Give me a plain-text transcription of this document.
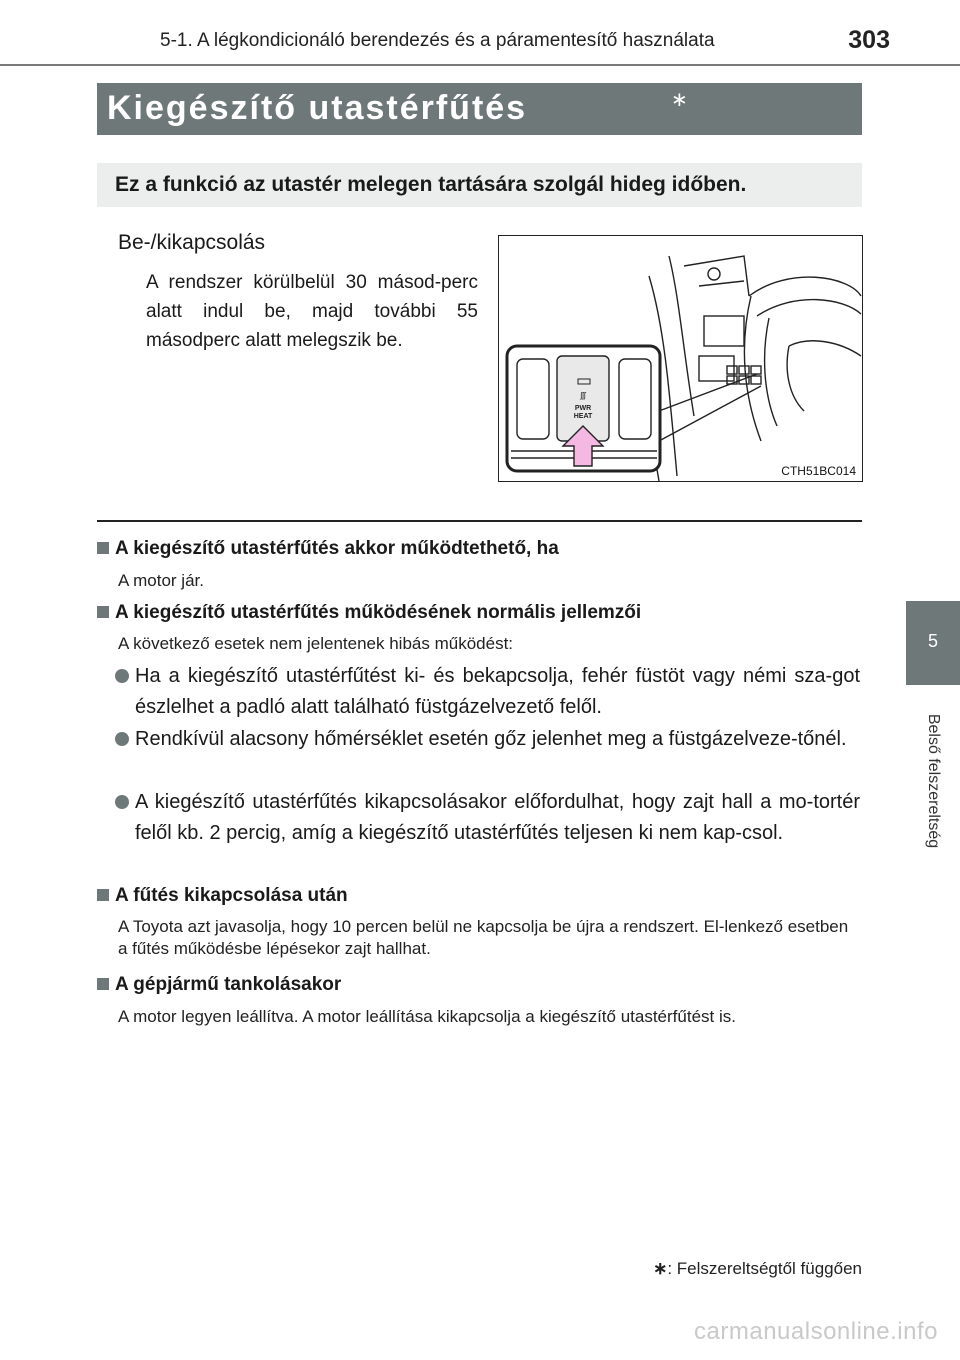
5-1. A légkondicionáló berendezés és a páramentesítő használata	303
5
Belső felszereltség
Kiegészítő utastérfűtés	∗
Ez a funkció az utastér melegen tartására szolgál hideg időben.
Be-/kikapcsolás
A rendszer körülbelül 30 másod-perc alatt indul be, majd további 55 másodperc alatt melegszik be.
ʃʃʃ
PWR
HEAT
CTH51BC014
A kiegészítő utastérfűtés akkor működtethető, ha
A motor jár.
A kiegészítő utastérfűtés működésének normális jellemzői
A következő esetek nem jelentenek hibás működést:
Ha a kiegészítő utastérfűtést ki- és bekapcsolja, fehér füstöt vagy némi sza-got észlelhet a padló alatt található füstgázelvezető felől.
Rendkívül alacsony hőmérséklet esetén gőz jelenhet meg a füstgázelveze-tőnél.
A kiegészítő utastérfűtés kikapcsolásakor előfordulhat, hogy zajt hall a mo-tortér felől kb. 2 percig, amíg a kiegészítő utastérfűtés teljesen ki nem kap-csol.
A fűtés kikapcsolása után
A Toyota azt javasolja, hogy 10 percen belül ne kapcsolja be újra a rendszert. El-lenkező esetben a fűtés működésbe lépésekor zajt hallhat.
A gépjármű tankolásakor
A motor legyen leállítva. A motor leállítása kikapcsolja a kiegészítő utastérfűtést is.
∗: Felszereltségtől függően
carmanualsonline.info
